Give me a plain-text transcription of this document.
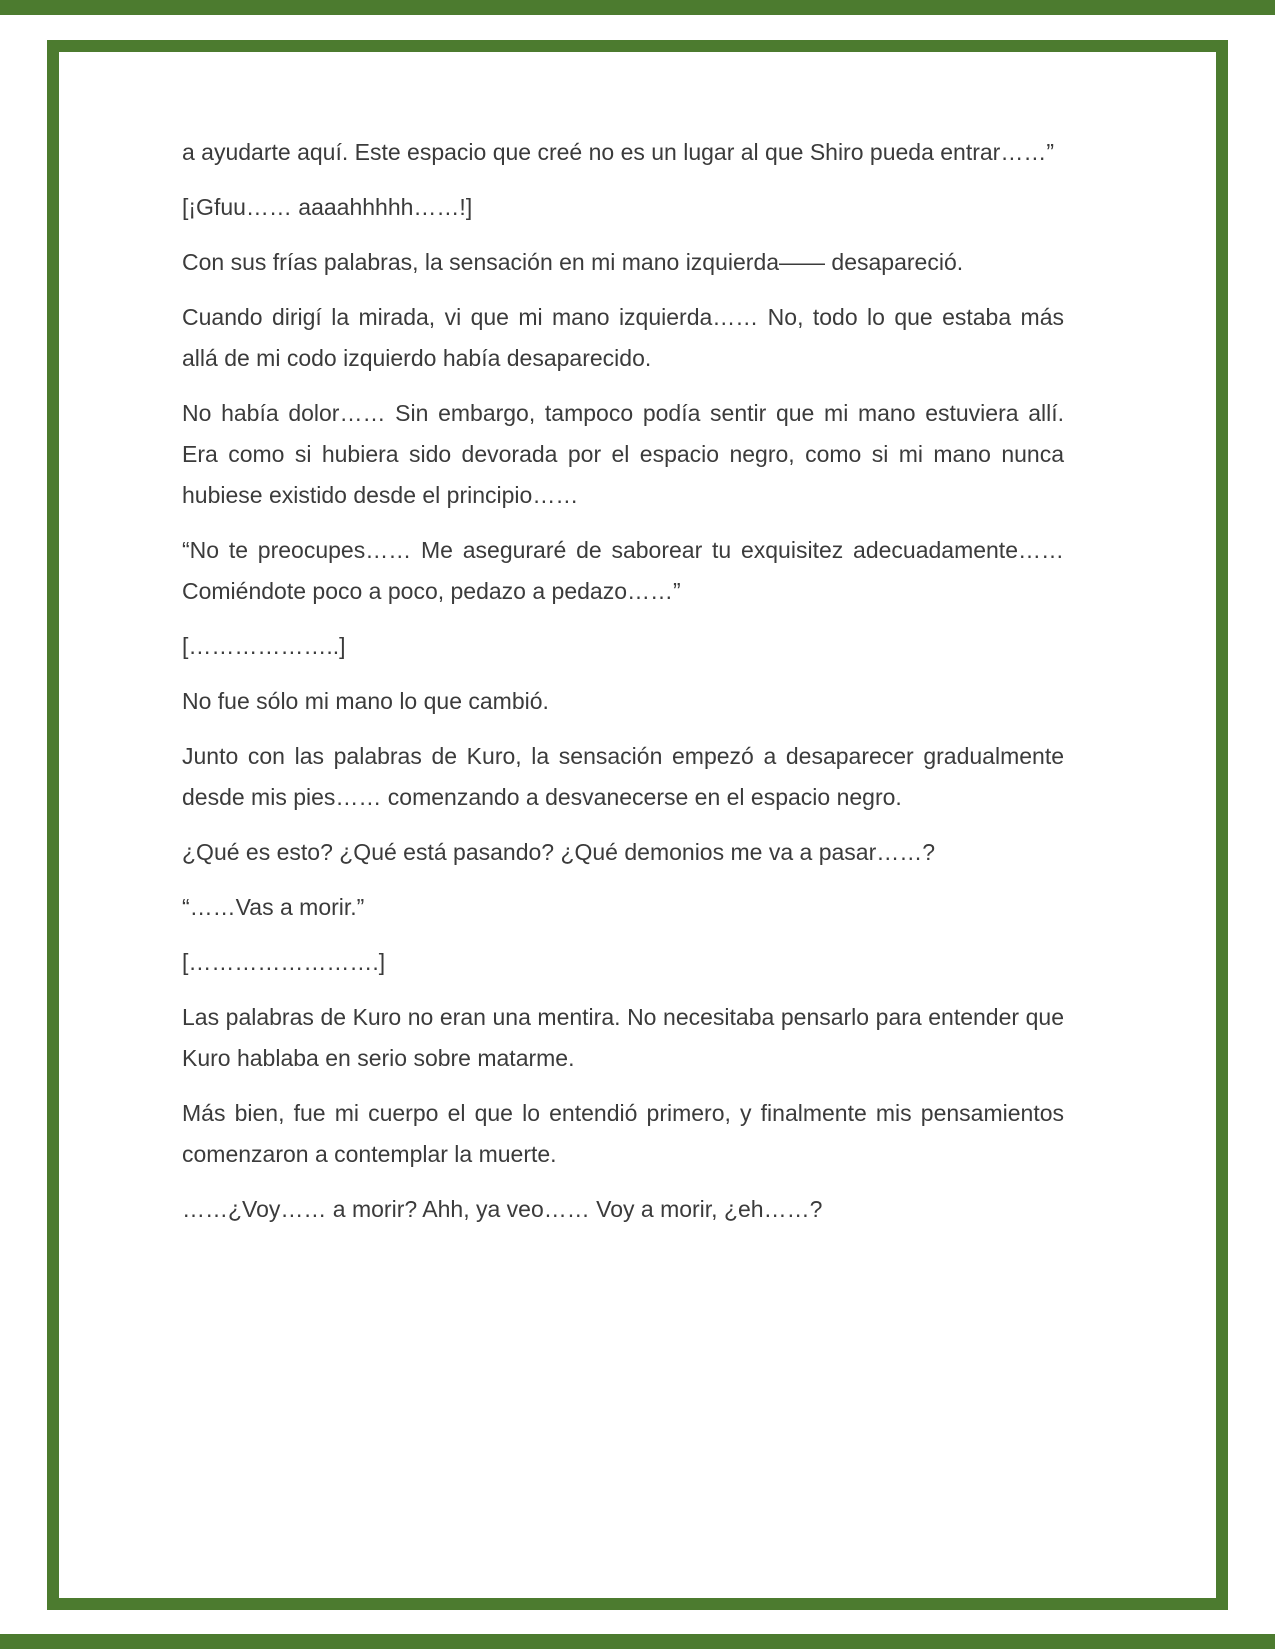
a ayudarte aquí. Este espacio que creé no es un lugar al que Shiro pueda entrar……”

[¡Gfuu…… aaaahhhhh……!]

Con sus frías palabras, la sensación en mi mano izquierda—— desapareció.

Cuando dirigí la mirada, vi que mi mano izquierda…… No, todo lo que estaba más allá de mi codo izquierdo había desaparecido.

No había dolor…… Sin embargo, tampoco podía sentir que mi mano estuviera allí. Era como si hubiera sido devorada por el espacio negro, como si mi mano nunca hubiese existido desde el principio……

“No te preocupes…… Me aseguraré de saborear tu exquisitez adecuadamente…… Comiéndote poco a poco, pedazo a pedazo……”

[………………..]

No fue sólo mi mano lo que cambió.

Junto con las palabras de Kuro, la sensación empezó a desaparecer gradualmente desde mis pies…… comenzando a desvanecerse en el espacio negro.

¿Qué es esto? ¿Qué está pasando? ¿Qué demonios me va a pasar……?

“……Vas a morir.”

[…………………….]

Las palabras de Kuro no eran una mentira. No necesitaba pensarlo para entender que Kuro hablaba en serio sobre matarme.

Más bien, fue mi cuerpo el que lo entendió primero, y finalmente mis pensamientos comenzaron a contemplar la muerte.

……¿Voy…… a morir? Ahh, ya veo…… Voy a morir, ¿eh……?
